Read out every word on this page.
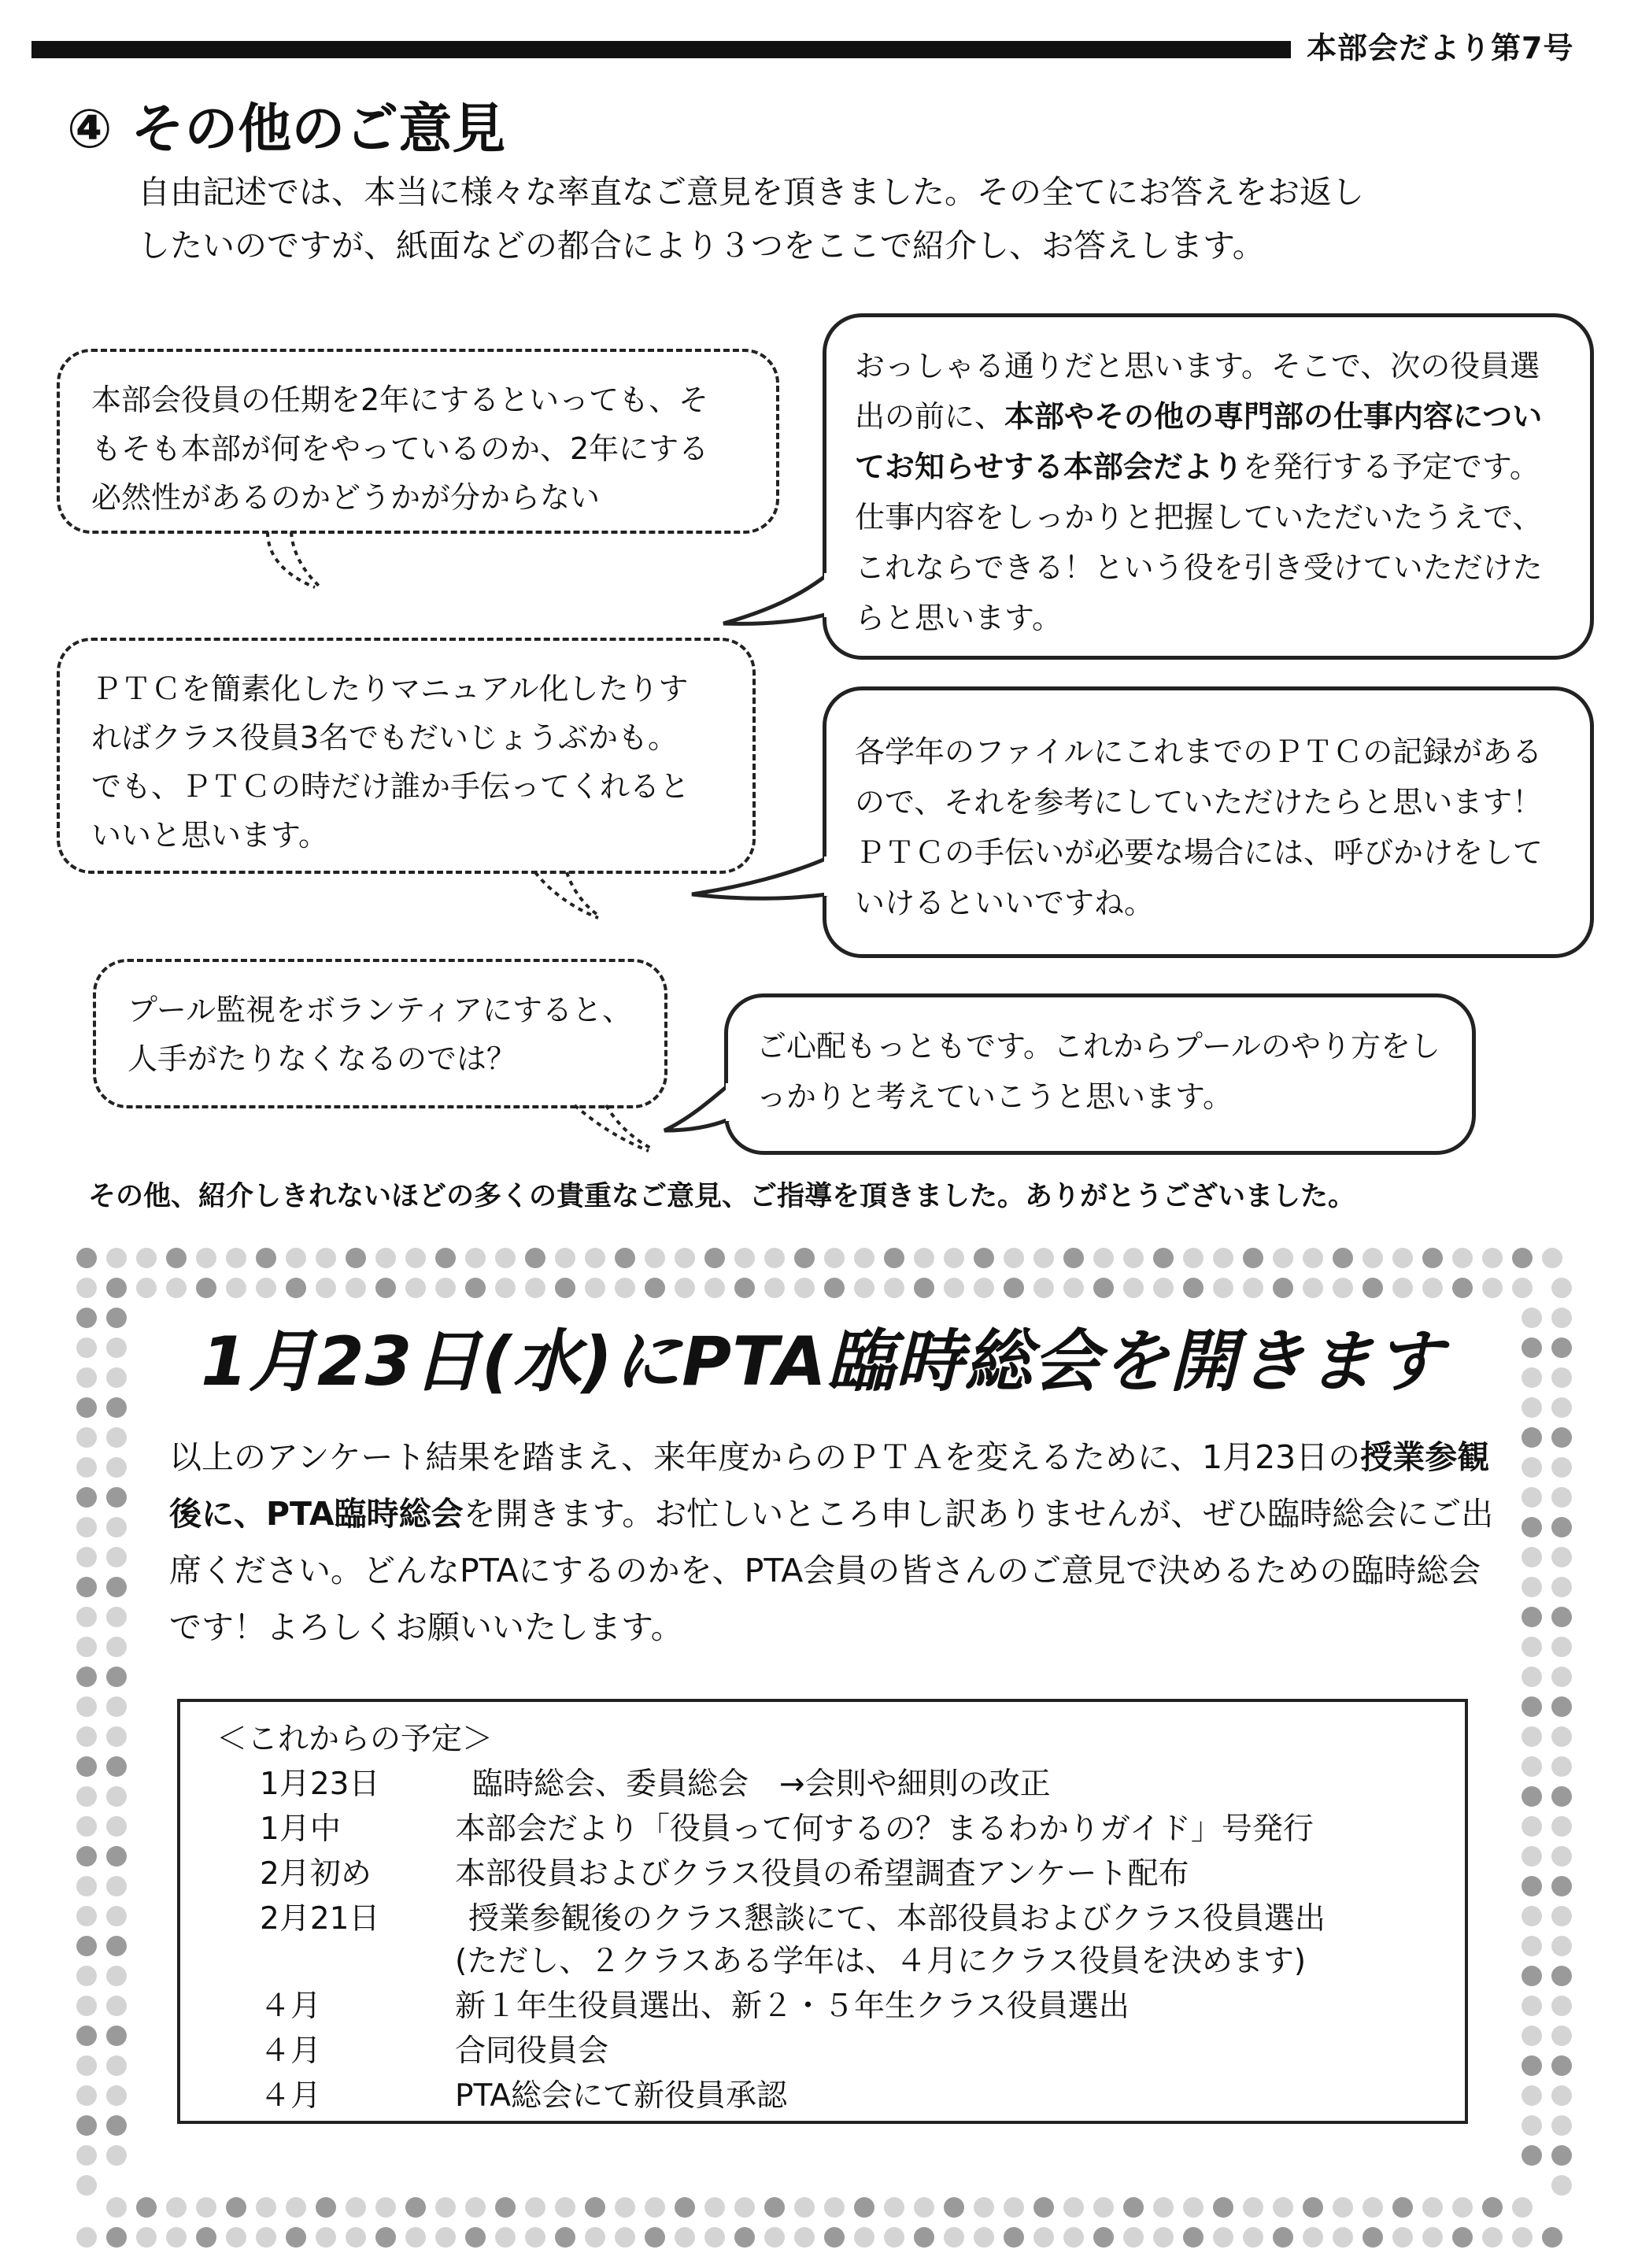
本部会だより第7号
④ その他のご意見
自由記述では、本当に様々な率直なご意見を頂きました。その全てにお答えをお返し
したいのですが、紙面などの都合により３つをここで紹介し、お答えします。
本部会役員の任期を2年にするといっても、そ
もそも本部が何をやっているのか、2年にする
必然性があるのかどうかが分からない
おっしゃる通りだと思います。そこで、次の役員選出の前に、本部やその他の専門部の仕事内容についてお知らせする本部会だよりを発行する予定です。仕事内容をしっかりと把握していただいたうえで、これならできる！という役を引き受けていただけたらと思います。
ＰＴＣを簡素化したりマニュアル化したりす
ればクラス役員3名でもだいじょうぶかも。
でも、ＰＴＣの時だけ誰か手伝ってくれると
いいと思います。
各学年のファイルにこれまでのＰＴＣの記録があるので、それを参考にしていただけたらと思います！ＰＴＣの手伝いが必要な場合には、呼びかけをしていけるといいですね。
プール監視をボランティアにすると、
人手がたりなくなるのでは？	ご心配もっともです。これからプールのやり方をしっかりと考えていこうと思います。
その他、紹介しきれないほどの多くの貴重なご意見、ご指導を頂きました。ありがとうございました。
1月23日(水)にPTA臨時総会を開きます
以上のアンケート結果を踏まえ、来年度からのＰＴＡを変えるために、1月23日の授業参観後に、PTA臨時総会を開きます。お忙しいところ申し訳ありませんが、ぜひ臨時総会にご出席ください。どんなPTAにするのかを、PTA会員の皆さんのご意見で決めるための臨時総会です！よろしくお願いいたします。
＜これからの予定＞
1月23日	臨時総会、委員総会　→会則や細則の改正
1月中	本部会だより「役員って何するの？まるわかりガイド」号発行
2月初め	本部役員およびクラス役員の希望調査アンケート配布
2月21日	授業参観後のクラス懇談にて、本部役員およびクラス役員選出
(ただし、２クラスある学年は、４月にクラス役員を決めます)
４月	新１年生役員選出、新２・５年生クラス役員選出
４月	合同役員会
４月	PTA総会にて新役員承認
